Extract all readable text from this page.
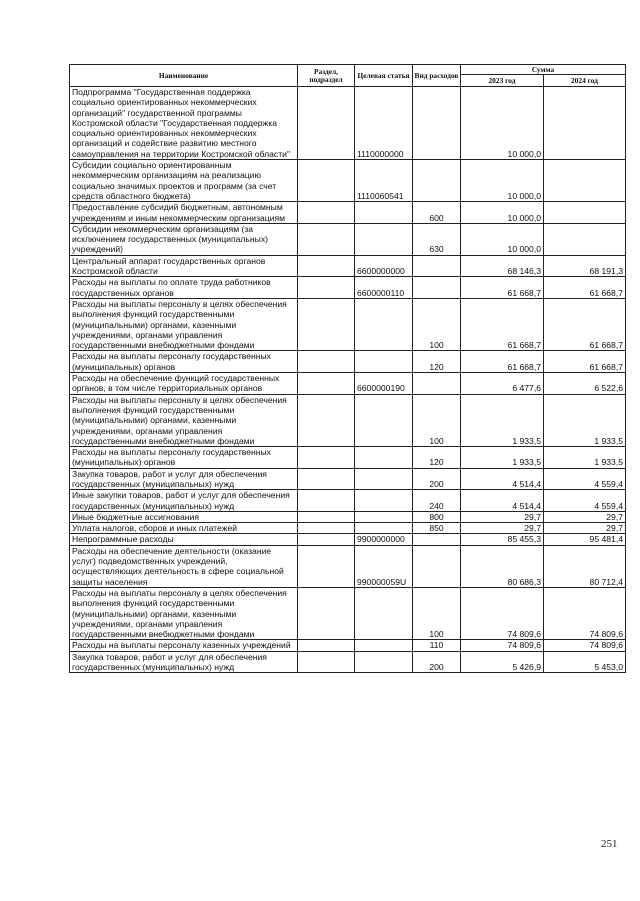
Наименование	Раздел, подраздел	Целевая статья	Вид расходов	Сумма	
				2023 год	2024 год
Подпрограмма "Государственная поддержка социально ориентированных некоммерческих организаций" государственной программы Костромской области "Государственная поддержка социально ориентированных некоммерческих организаций и содействие развитию местного самоуправления на территории Костромской области"		1110000000		10 000,0	
Субсидии социально ориентированным некоммерческим организациям на реализацию социально значимых проектов и программ (за счет средств областного бюджета)		1110060541		10 000,0	
Предоставление субсидий бюджетным, автономным учреждениям и иным некоммерческим организациям			600	10 000,0	
Субсидии некоммерческим организациям (за исключением государственных (муниципальных) учреждений)			630	10 000,0	
Центральный аппарат государственных органов Костромской области		6600000000		68 146,3	68 191,3
Расходы на выплаты по оплате труда работников государственных органов		6600000110		61 668,7	61 668,7
Расходы на выплаты персоналу в целях обеспечения выполнения функций государственными (муниципальными) органами, казенными учреждениями, органами управления государственными внебюджетными фондами			100	61 668,7	61 668,7
Расходы на выплаты персоналу государственных (муниципальных) органов			120	61 668,7	61 668,7
Расходы на обеспечение функций государственных органов, в том числе территориальных органов		6600000190		6 477,6	6 522,6
Расходы на выплаты персоналу в целях обеспечения выполнения функций государственными (муниципальными) органами, казенными учреждениями, органами управления государственными внебюджетными фондами			100	1 933,5	1 933,5
Расходы на выплаты персоналу государственных (муниципальных) органов			120	1 933,5	1 933,5
Закупка товаров, работ и услуг для обеспечения государственных (муниципальных) нужд			200	4 514,4	4 559,4
Иные закупки товаров, работ и услуг для обеспечения государственных (муниципальных) нужд			240	4 514,4	4 559,4
Иные бюджетные ассигнования			800	29,7	29,7
Уплата налогов, сборов и иных платежей			850	29,7	29,7
Непрограммные расходы		9900000000		85 455,3	95 481,4
Расходы на обеспечение деятельности (оказание услуг) подведомственных учреждений, осуществляющих деятельность в сфере социальной защиты населения		990000059U		80 686,3	80 712,4
Расходы на выплаты персоналу в целях обеспечения выполнения функций государственными (муниципальными) органами, казенными учреждениями, органами управления государственными внебюджетными фондами			100	74 809,6	74 809,6
Расходы на выплаты персоналу казенных учреждений			110	74 809,6	74 809,6
Закупка товаров, работ и услуг для обеспечения государственных (муниципальных) нужд			200	5 426,9	5 453,0
251
